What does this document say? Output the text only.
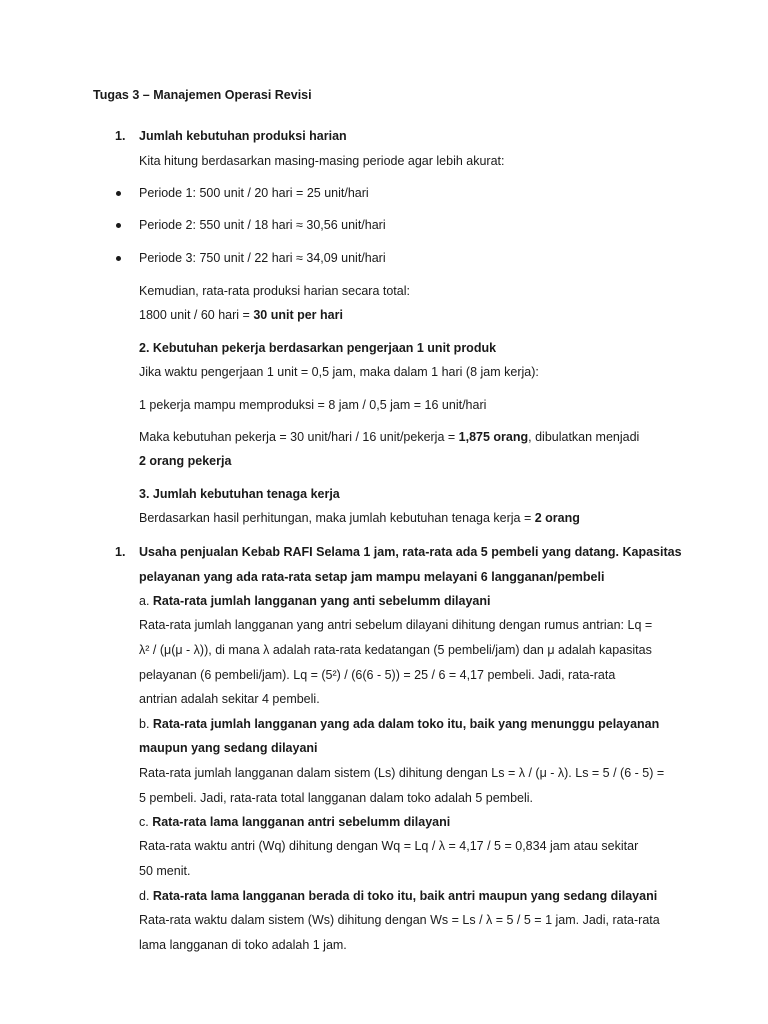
Tugas 3 – Manajemen Operasi Revisi
1. Jumlah kebutuhan produksi harian
Kita hitung berdasarkan masing-masing periode agar lebih akurat:
Periode 1: 500 unit / 20 hari = 25 unit/hari
Periode 2: 550 unit / 18 hari ≈ 30,56 unit/hari
Periode 3: 750 unit / 22 hari ≈ 34,09 unit/hari
Kemudian, rata-rata produksi harian secara total:
1800 unit / 60 hari = 30 unit per hari
2. Kebutuhan pekerja berdasarkan pengerjaan 1 unit produk
Jika waktu pengerjaan 1 unit = 0,5 jam, maka dalam 1 hari (8 jam kerja):
1 pekerja mampu memproduksi = 8 jam / 0,5 jam = 16 unit/hari
Maka kebutuhan pekerja = 30 unit/hari / 16 unit/pekerja = 1,875 orang, dibulatkan menjadi
2 orang pekerja
3. Jumlah kebutuhan tenaga kerja
Berdasarkan hasil perhitungan, maka jumlah kebutuhan tenaga kerja = 2 orang
1. Usaha penjualan Kebab RAFI Selama 1 jam, rata-rata ada 5 pembeli yang datang. Kapasitas
pelayanan yang ada rata-rata setap jam mampu melayani 6 langganan/pembeli
a. Rata-rata jumlah langganan yang anti sebelumm dilayani
Rata-rata jumlah langganan yang antri sebelum dilayani dihitung dengan rumus antrian: Lq =
λ² / (μ(μ - λ)), di mana λ adalah rata-rata kedatangan (5 pembeli/jam) dan μ adalah kapasitas
pelayanan (6 pembeli/jam). Lq = (5²) / (6(6 - 5)) = 25 / 6 = 4,17 pembeli. Jadi, rata-rata
antrian adalah sekitar 4 pembeli.
b. Rata-rata jumlah langganan yang ada dalam toko itu, baik yang menunggu pelayanan
maupun yang sedang dilayani
Rata-rata jumlah langganan dalam sistem (Ls) dihitung dengan Ls = λ / (μ - λ). Ls = 5 / (6 - 5) =
5 pembeli. Jadi, rata-rata total langganan dalam toko adalah 5 pembeli.
c. Rata-rata lama langganan antri sebelumm dilayani
Rata-rata waktu antri (Wq) dihitung dengan Wq = Lq / λ = 4,17 / 5 = 0,834 jam atau sekitar
50 menit.
d. Rata-rata lama langganan berada di toko itu, baik antri maupun yang sedang dilayani
Rata-rata waktu dalam sistem (Ws) dihitung dengan Ws = Ls / λ = 5 / 5 = 1 jam. Jadi, rata-rata
lama langganan di toko adalah 1 jam.
